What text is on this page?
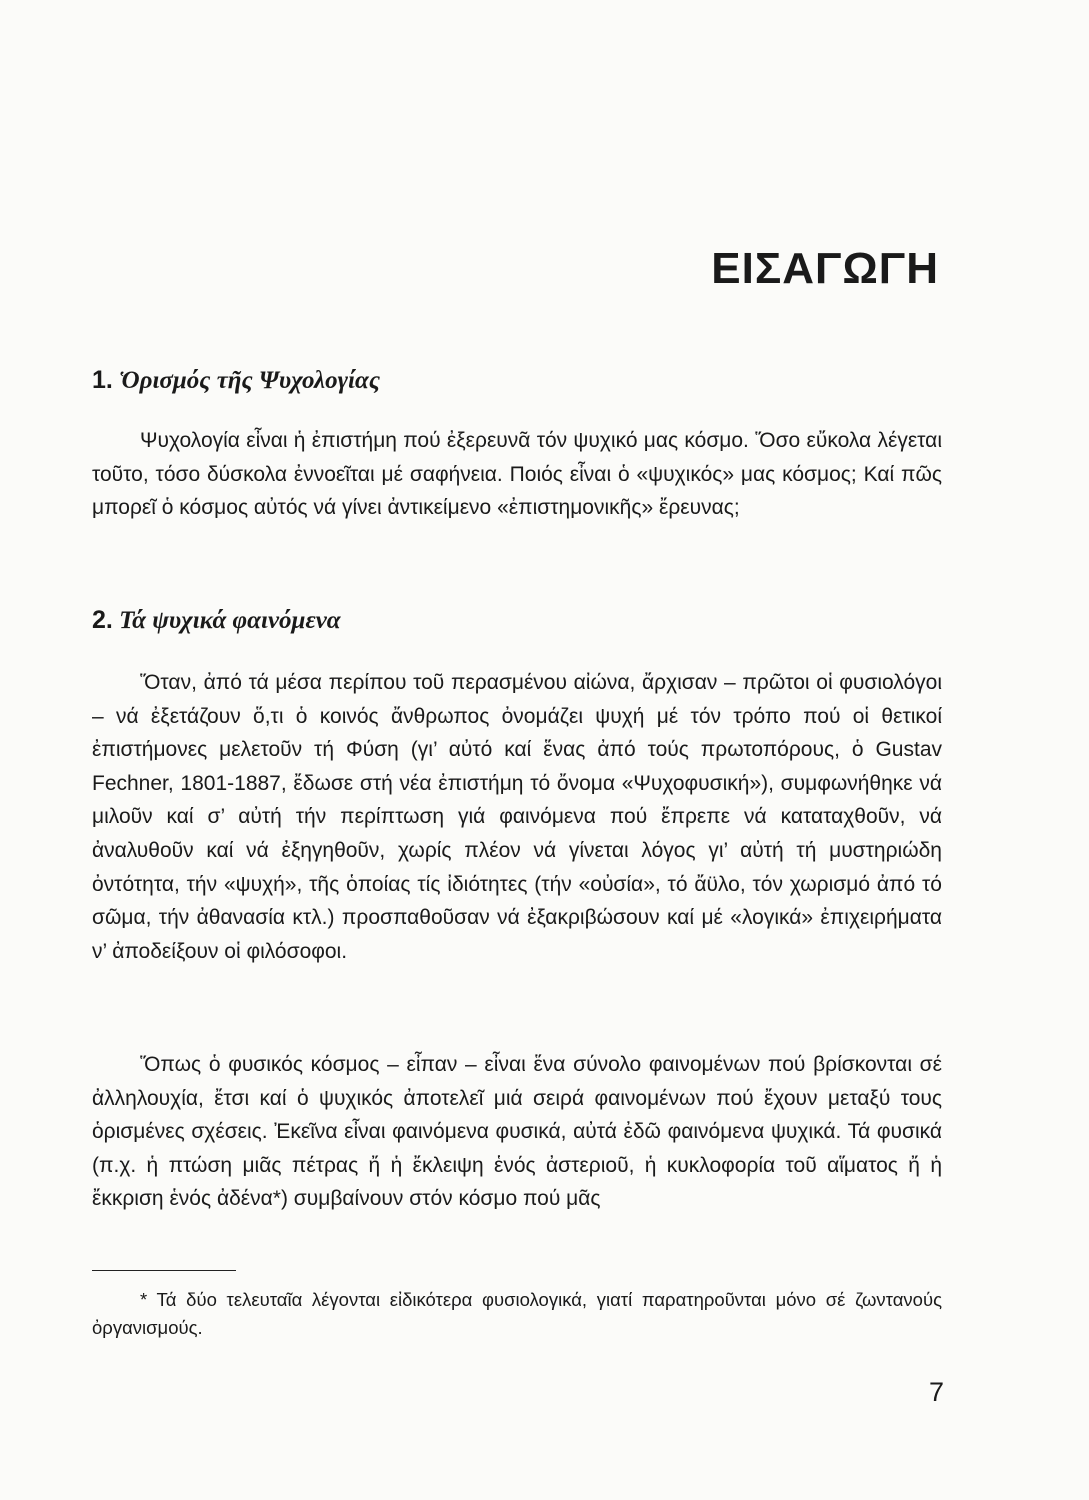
ΕΙΣΑΓΩΓΗ
1. Ὁρισμός τῆς Ψυχολογίας

Ψυχολογία εἶναι ἡ ἐπιστήμη πού ἐξερευνᾶ τόν ψυχικό μας κόσμο. Ὅσο εὔκολα λέγεται τοῦτο, τόσο δύσκολα ἐννοεῖται μέ σαφήνεια. Ποιός εἶναι ὁ «ψυχικός» μας κόσμος; Καί πῶς μπορεῖ ὁ κόσμος αὐτός νά γίνει ἀντικείμενο «ἐπιστημονικῆς» ἔρευνας;

2. Τά ψυχικά φαινόμενα

Ὅταν, ἀπό τά μέσα περίπου τοῦ περασμένου αἰώνα, ἄρχισαν – πρῶτοι οἱ φυσιολόγοι – νά ἐξετάζουν ὅ,τι ὁ κοινός ἄνθρωπος ὀνομάζει ψυχή μέ τόν τρόπο πού οἱ θετικοί ἐπιστήμονες μελετοῦν τή Φύση (γι’ αὐτό καί ἕνας ἀπό τούς πρωτοπόρους, ὁ Gustav Fechner, 1801-1887, ἔδωσε στή νέα ἐπιστήμη τό ὄνομα «Ψυχοφυσική»), συμφωνήθηκε νά μιλοῦν καί σ’ αὐτή τήν περίπτωση γιά φαινόμενα πού ἔπρεπε νά καταταχθοῦν, νά ἀναλυθοῦν καί νά ἐξηγηθοῦν, χωρίς πλέον νά γίνεται λόγος γι’ αὐτή τή μυστηριώδη ὀντότητα, τήν «ψυχή», τῆς ὁποίας τίς ἰδιότητες (τήν «οὐσία», τό ἄϋλο, τόν χωρισμό ἀπό τό σῶμα, τήν ἀθανασία κτλ.) προσπαθοῦσαν νά ἐξακριβώσουν καί μέ «λογικά» ἐπιχειρήματα ν’ ἀποδείξουν οἱ φιλόσοφοι.

Ὅπως ὁ φυσικός κόσμος – εἶπαν – εἶναι ἕνα σύνολο φαινομένων πού βρίσκονται σέ ἀλληλουχία, ἔτσι καί ὁ ψυχικός ἀποτελεῖ μιά σειρά φαινομένων πού ἔχουν μεταξύ τους ὁρισμένες σχέσεις. Ἐκεῖνα εἶναι φαινόμενα φυσικά, αὐτά ἐδῶ φαινόμενα ψυχικά. Τά φυσικά (π.χ. ἡ πτώση μιᾶς πέτρας ἤ ἡ ἔκλειψη ἑνός ἀστεριοῦ, ἡ κυκλοφορία τοῦ αἵματος ἤ ἡ ἔκκριση ἑνός ἀδένα*) συμβαίνουν στόν κόσμο πού μᾶς

* Τά δύο τελευταῖα λέγονται εἰδικότερα φυσιολογικά, γιατί παρατηροῦνται μόνο σέ ζωντανούς ὀργανισμούς.

7
